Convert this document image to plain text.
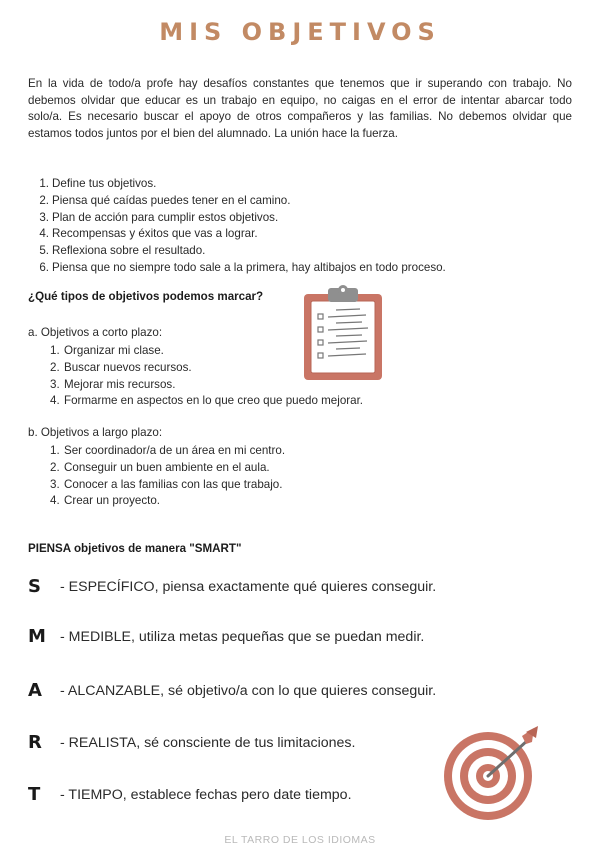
MIS OBJETIVOS
En la vida de todo/a profe hay desafíos constantes que tenemos que ir superando con trabajo. No debemos olvidar que educar es un trabajo en equipo, no caigas en el error de intentar abarcar todo solo/a. Es necesario buscar el apoyo de otros compañeros y las familias. No debemos olvidar que estamos todos juntos por el bien del alumnado. La unión hace la fuerza.
1. Define tus objetivos.
2. Piensa qué caídas puedes tener en el camino.
3. Plan de acción para cumplir estos objetivos.
4. Recompensas y éxitos que vas a lograr.
5. Reflexiona sobre el resultado.
6. Piensa que no siempre todo sale a la primera, hay altibajos en todo proceso.
¿Qué tipos de objetivos podemos marcar?
a. Objetivos a corto plazo:
1. Organizar mi clase.
2. Buscar nuevos recursos.
3. Mejorar mis recursos.
4. Formarme en aspectos en lo que creo que puedo mejorar.
b. Objetivos a largo plazo:
1. Ser coordinador/a de un área en mi centro.
2. Conseguir un buen ambiente en el aula.
3. Conocer a las familias con las que trabajo.
4. Crear un proyecto.
PIENSA objetivos de manera "SMART"
S	- ESPECÍFICO, piensa exactamente qué quieres conseguir.
M - MEDIBLE, utiliza metas pequeñas que se puedan medir.
A	- ALCANZABLE, sé objetivo/a con lo que quieres conseguir.
R	- REALISTA, sé consciente de tus limitaciones.
T	- TIEMPO, establece fechas pero date tiempo.
EL TARRO DE LOS IDIOMAS
